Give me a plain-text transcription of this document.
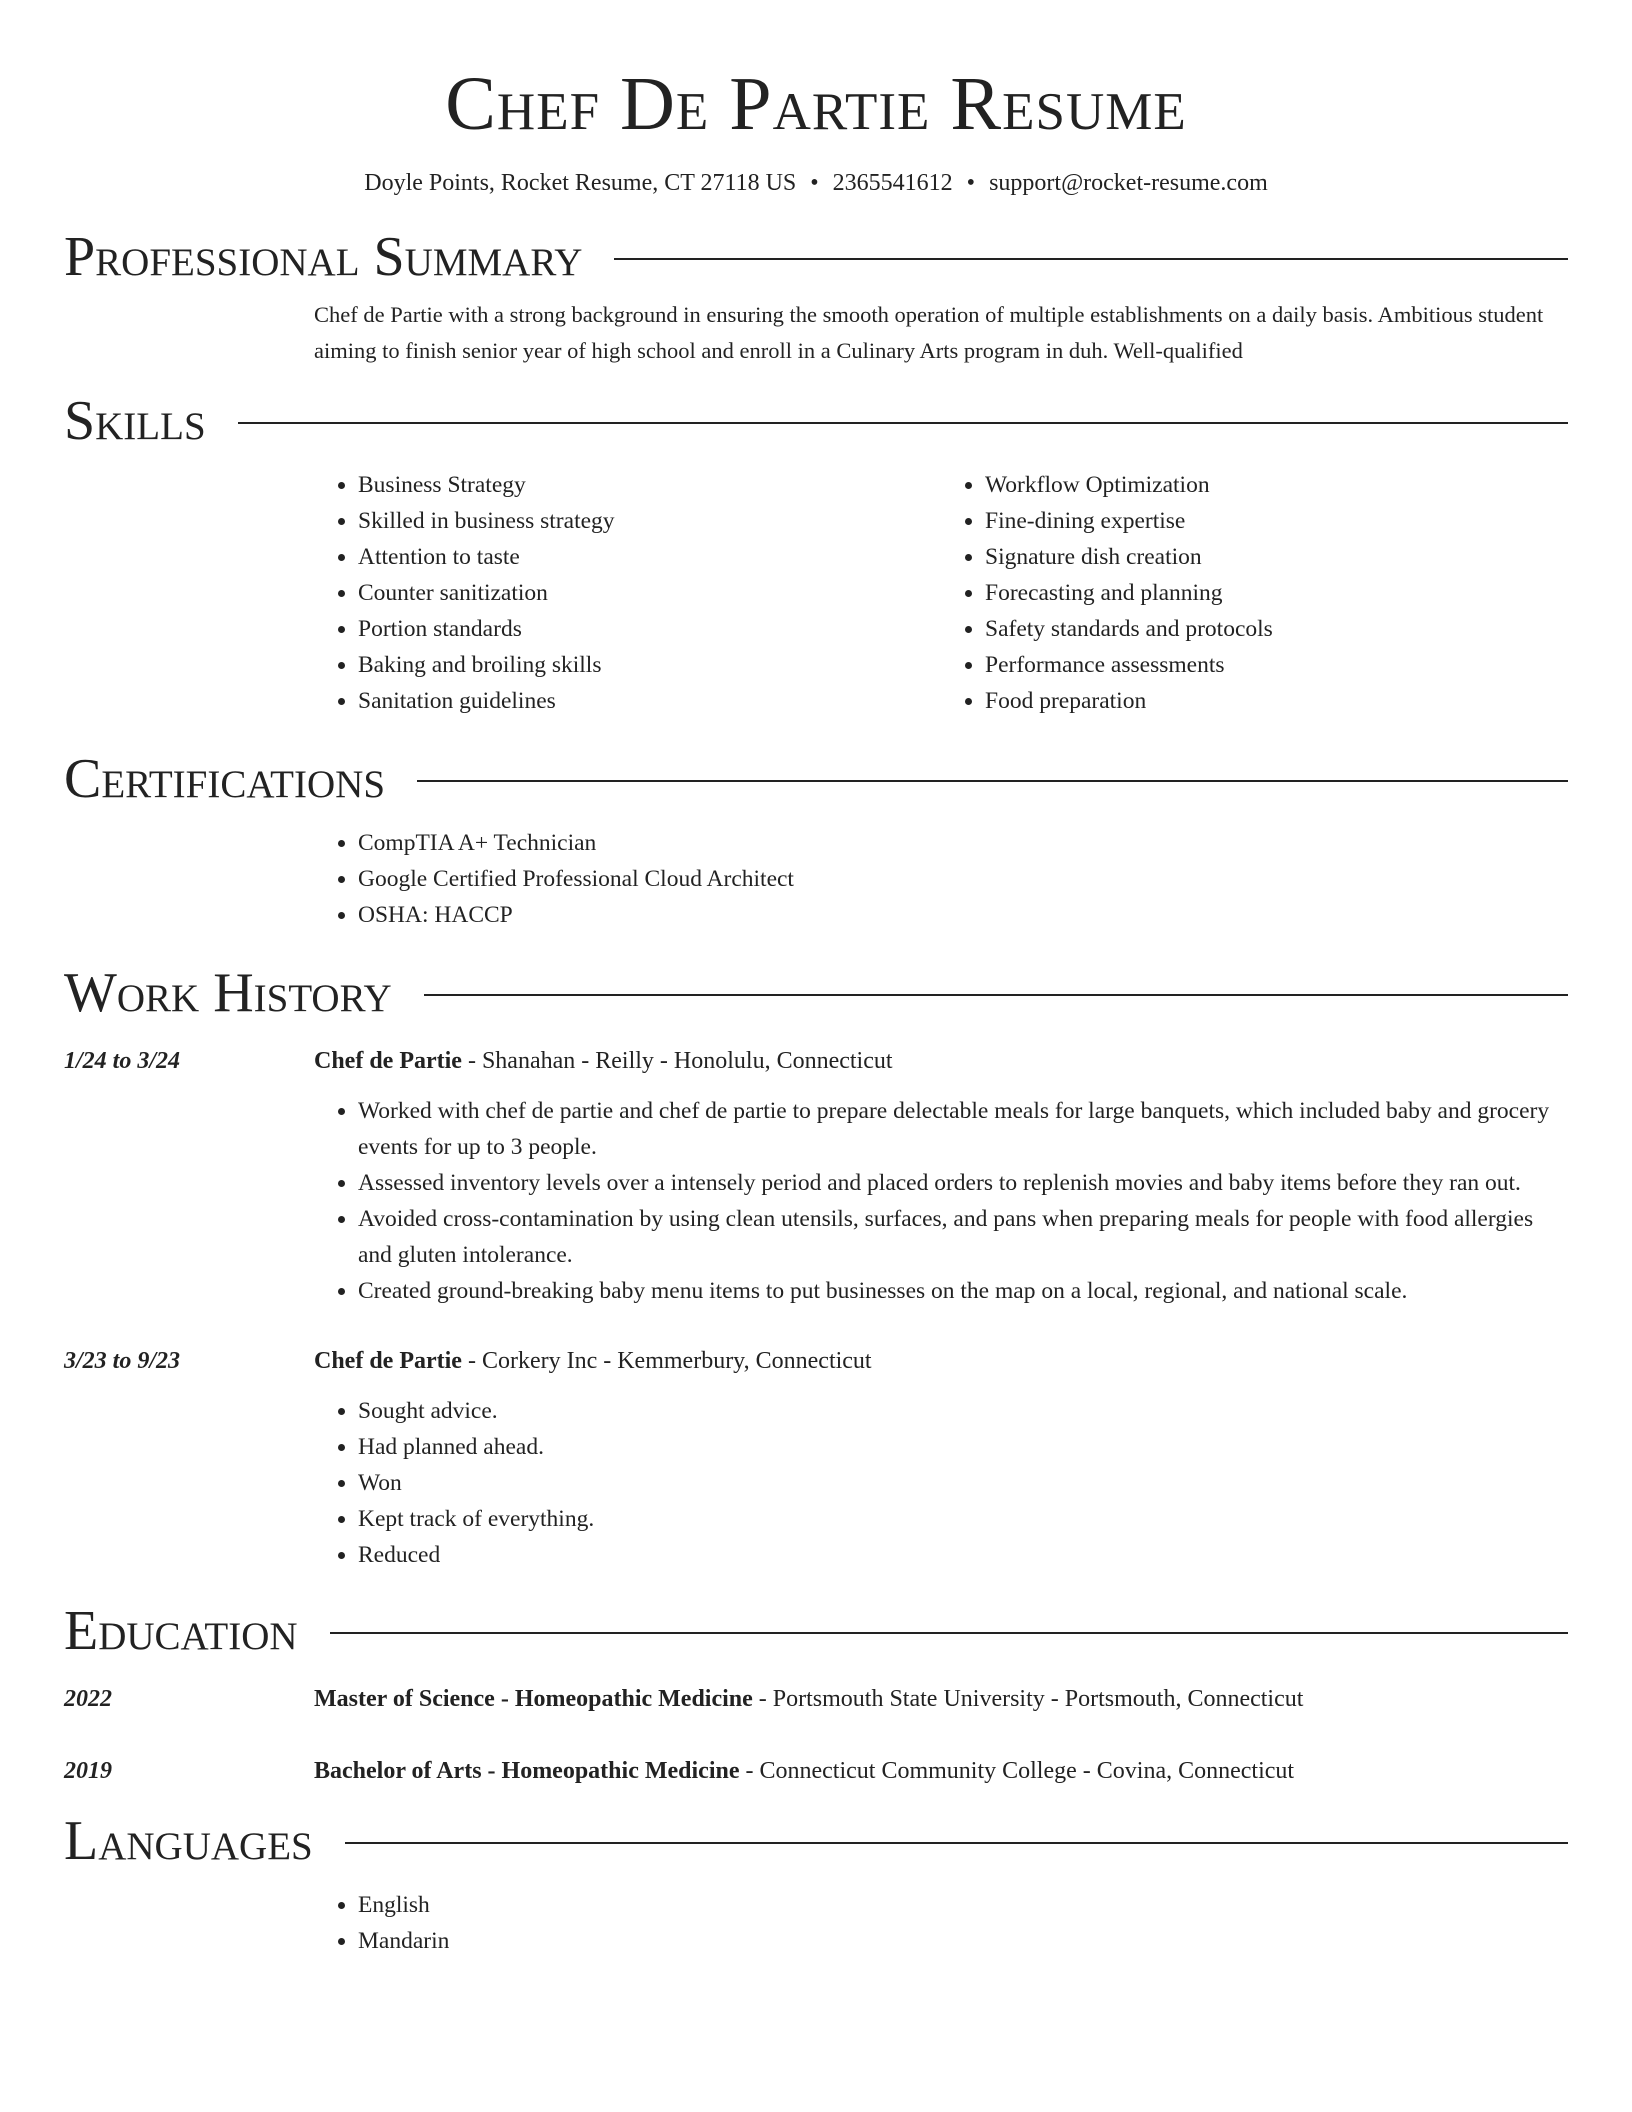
Chef De Partie Resume
Doyle Points, Rocket Resume, CT 27118 US • 2365541612 • support@rocket-resume.com
Professional Summary
Chef de Partie with a strong background in ensuring the smooth operation of multiple establishments on a daily basis. Ambitious student aiming to finish senior year of high school and enroll in a Culinary Arts program in duh. Well-qualified
Skills
• Business Strategy
• Skilled in business strategy
• Attention to taste
• Counter sanitization
• Portion standards
• Baking and broiling skills
• Sanitation guidelines
• Workflow Optimization
• Fine-dining expertise
• Signature dish creation
• Forecasting and planning
• Safety standards and protocols
• Performance assessments
• Food preparation
Certifications
• CompTIA A+ Technician
• Google Certified Professional Cloud Architect
• OSHA: HACCP
Work History
1/24 to 3/24	Chef de Partie - Shanahan - Reilly - Honolulu, Connecticut
• Worked with chef de partie and chef de partie to prepare delectable meals for large banquets, which included baby and grocery events for up to 3 people.
• Assessed inventory levels over a intensely period and placed orders to replenish movies and baby items before they ran out.
• Avoided cross-contamination by using clean utensils, surfaces, and pans when preparing meals for people with food allergies and gluten intolerance.
• Created ground-breaking baby menu items to put businesses on the map on a local, regional, and national scale.
3/23 to 9/23	Chef de Partie - Corkery Inc - Kemmerbury, Connecticut
• Sought advice.
• Had planned ahead.
• Won
• Kept track of everything.
• Reduced
Education
2022	Master of Science - Homeopathic Medicine - Portsmouth State University - Portsmouth, Connecticut
2019	Bachelor of Arts - Homeopathic Medicine - Connecticut Community College - Covina, Connecticut
Languages
• English
• Mandarin
